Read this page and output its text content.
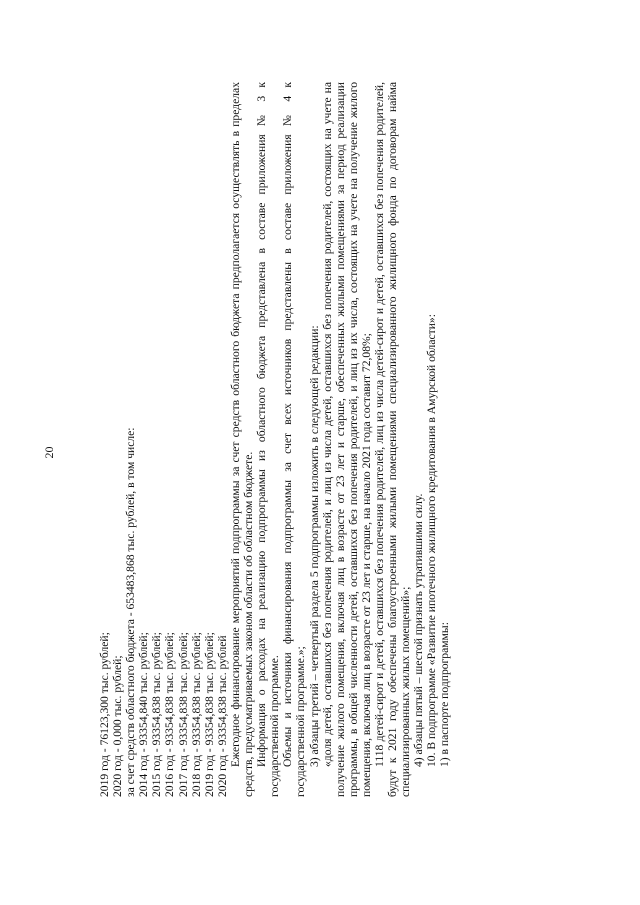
20

2019 год - 76123,300 тыс. рублей; 2020 год - 0,000 тыс. рублей; за счет средств областного бюджета - 653483,868 тыс. рублей, в том числе: 2014 год - 93354,840 тыс. рублей; 2015 год - 93354,838 тыс. рублей; 2016 год - 93354,838 тыс. рублей; 2017 год - 93354,838 тыс. рублей; 2018 год - 93354,838 тыс. рублей; 2019 год - 93354,838 тыс. рублей; 2020 год - 93354,838 тыс. рублей Ежегодное финансирование мероприятий подпрограммы за счет средств областного бюджета предполагается осуществлять в пределах средств, предусматриваемых законом области об областном бюджете. Информация о расходах на реализацию подпрограммы из областного бюджета представлена в составе приложения № 3 к государственной программе. Объемы и источники финансирования подпрограммы за счет всех источников представлены в составе приложения № 4 к государственной программе.»; 3) абзацы третий – четвертый раздела 5 подпрограммы изложить в следующей редакции: «доля детей, оставшихся без попечения родителей, и лиц из числа детей, оставшихся без попечения родителей, состоящих на учете на получение жилого помещения, включая лиц в возрасте от 23 лет и старше, обеспеченных жилыми помещениями за период реализации программы, в общей численности детей, оставшихся без попечения родителей, и лиц из их числа, состоящих на учете на получение жилого помещения, включая лиц в возрасте от 23 лет и старше, на начало 2021 года составит 72,08%; 1118 детей-сирот и детей, оставшихся без попечения родителей, лиц из числа детей-сирот и детей, оставшихся без попечения родителей, будут к 2021 году обеспечены благоустроенными жилыми помещениями специализированного жилищного фонда по договорам найма специализированных жилых помещений»; 4) абзацы пятый – шестой признать утратившими силу. 10. В подпрограмме «Развитие ипотечного жилищного кредитования в Амурской области»: 1) в паспорте подпрограммы:
